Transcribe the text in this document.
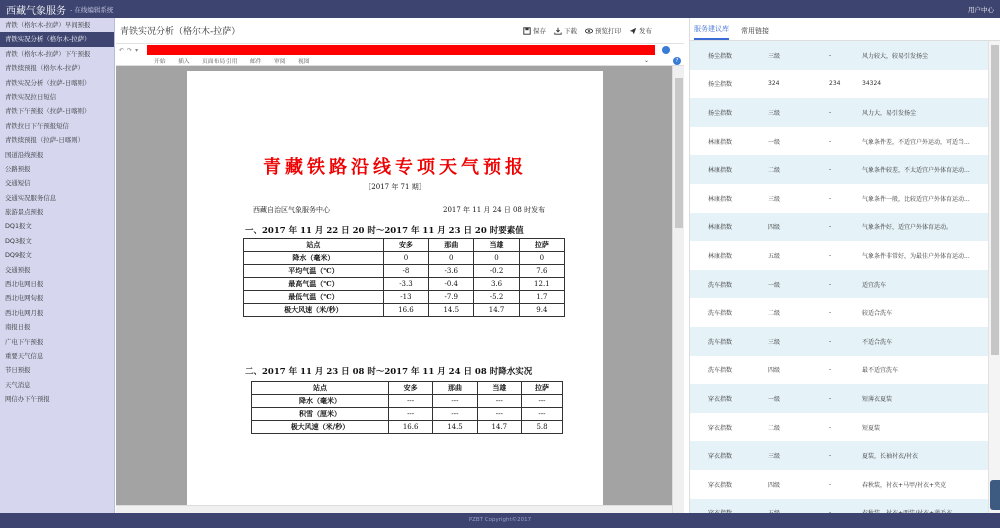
西藏气象服务 - 在线编辑系统	用户中心
青铁（格尔木-拉萨）早间预报
青铁实况分析（格尔木-拉萨）
青铁（格尔木-拉萨）下午预报
青铁续预报（格尔木-拉萨）
青铁实况分析（拉萨-日喀则）
青铁实况拉日短信
青铁下午预报（拉萨-日喀则）
青铁拉日下午预报短信
青铁续预报（拉萨-日喀则）
国道沿线预报
公路预报
交通短信
交通实况服务信息
旅游景点预报
DQ1报文
DQ3报文
DQ9报文
交通预报
西北电网日报
西北电网旬报
西北电网月报
南报日报
广电下午预报
重要天气信息
节日预报
天气消息
网信办下午预报
青铁实况分析（格尔木-拉萨）	保存	下载	预览打印	发布
↶ ↷ ▾
开始	插入	页面布局 引用	邮件	审阅	视图	⌄	?
青藏铁路沿线专项天气预报
［2017 年 71 期］
西藏自治区气象服务中心	2017 年 11 月 24 日 08 时发布
一、2017 年 11 月 22 日 20 时～2017 年 11 月 23 日 20 时要素值
站点	安多	那曲	当雄	拉萨
降水（毫米）	0	0	0	0
平均气温（℃）	-8	-3.6	-0.2	7.6
最高气温（℃）	-3.3	-0.4	3.6	12.1
最低气温（℃）	-13	-7.9	-5.2	1.7
极大风速（米/秒）	16.6	14.5	14.7	9.4
二、2017 年 11 月 23 日 08 时～2017 年 11 月 24 日 08 时降水实况
站点	安多	那曲	当雄	拉萨
降水（毫米）	---	---	---	---
积雪（厘米）	---	---	---	---
极大风速（米/秒）	16.6	14.5	14.7	5.8
服务建议库 常用链接
扬尘指数	三级	-	风力较大，较易引发扬尘
扬尘指数	324	234	34324
扬尘指数	三级	-	风力大，易引发扬尘
林康指数	一级	-	气象条件差，不适宜户外运动，可适当...
林康指数	二级	-	气象条件较差，不太适宜户外体育运动...
林康指数	三级	-	气象条件一般，比较适宜户外体育运动...
林康指数	四级	-	气象条件好，适宜户外体育运动。
林康指数	五级	-	气象条件非常好，为最佳户外体育运动...
洗车指数	一级	-	适宜洗车
洗车指数	二级	-	较适合洗车
洗车指数	三级	-	不适合洗车
洗车指数	四级	-	最不适宜洗车
穿衣指数	一级	-	短薄衣夏装
穿衣指数	二级	-	短夏装
穿衣指数	三级	-	夏装，长袖衬衣/衬衣
穿衣指数	四级	-	春秋装，衬衣+马甲/衬衣+夹克
PZBT Copyright©2017
